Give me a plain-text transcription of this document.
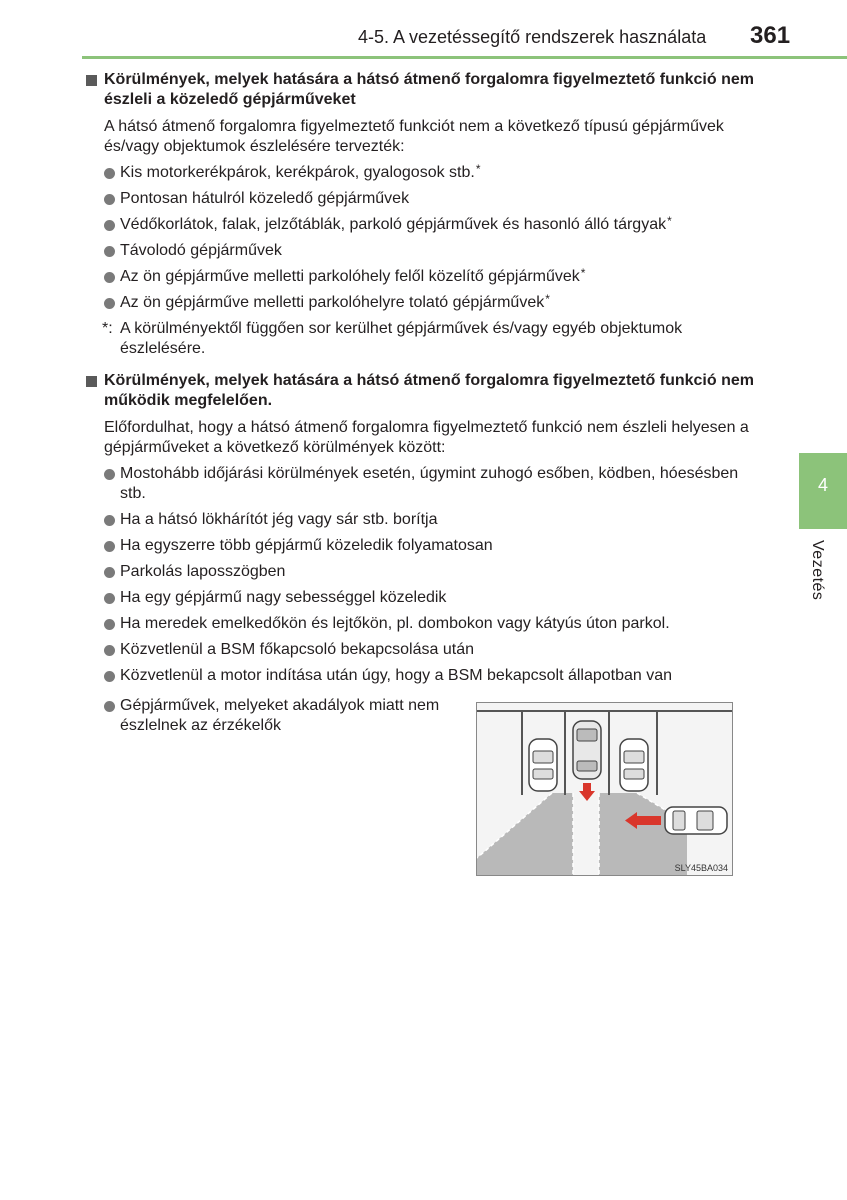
4-5. A vezetéssegítő rendszerek használata 361
4
Vezetés
Körülmények, melyek hatására a hátsó átmenő forgalomra figyelmeztető funkció nem észleli a közeledő gépjárműveket
A hátsó átmenő forgalomra figyelmeztető funkciót nem a következő típusú gépjárművek és/vagy objektumok észlelésére tervezték:
Kis motorkerékpárok, kerékpárok, gyalogosok stb.*
Pontosan hátulról közeledő gépjárművek
Védőkorlátok, falak, jelzőtáblák, parkoló gépjárművek és hasonló álló tárgyak*
Távolodó gépjárművek
Az ön gépjárműve melletti parkolóhely felől közelítő gépjárművek*
Az ön gépjárműve melletti parkolóhelyre tolató gépjárművek*
*: A körülményektől függően sor kerülhet gépjárművek és/vagy egyéb objektumok észlelésére.
Körülmények, melyek hatására a hátsó átmenő forgalomra figyelmeztető funkció nem működik megfelelően.
Előfordulhat, hogy a hátsó átmenő forgalomra figyelmeztető funkció nem észleli helyesen a gépjárműveket a következő körülmények között:
Mostohább időjárási körülmények esetén, úgymint zuhogó esőben, ködben, hóesésben stb.
Ha a hátsó lökhárítót jég vagy sár stb. borítja
Ha egyszerre több gépjármű közeledik folyamatosan
Parkolás laposszögben
Ha egy gépjármű nagy sebességgel közeledik
Ha meredek emelkedőkön és lejtőkön, pl. dombokon vagy kátyús úton parkol.
Közvetlenül a BSM főkapcsoló bekapcsolása után
Közvetlenül a motor indítása után úgy, hogy a BSM bekapcsolt állapotban van
Gépjárművek, melyeket akadályok miatt nem észlelnek az érzékelők
SLY45BA034
